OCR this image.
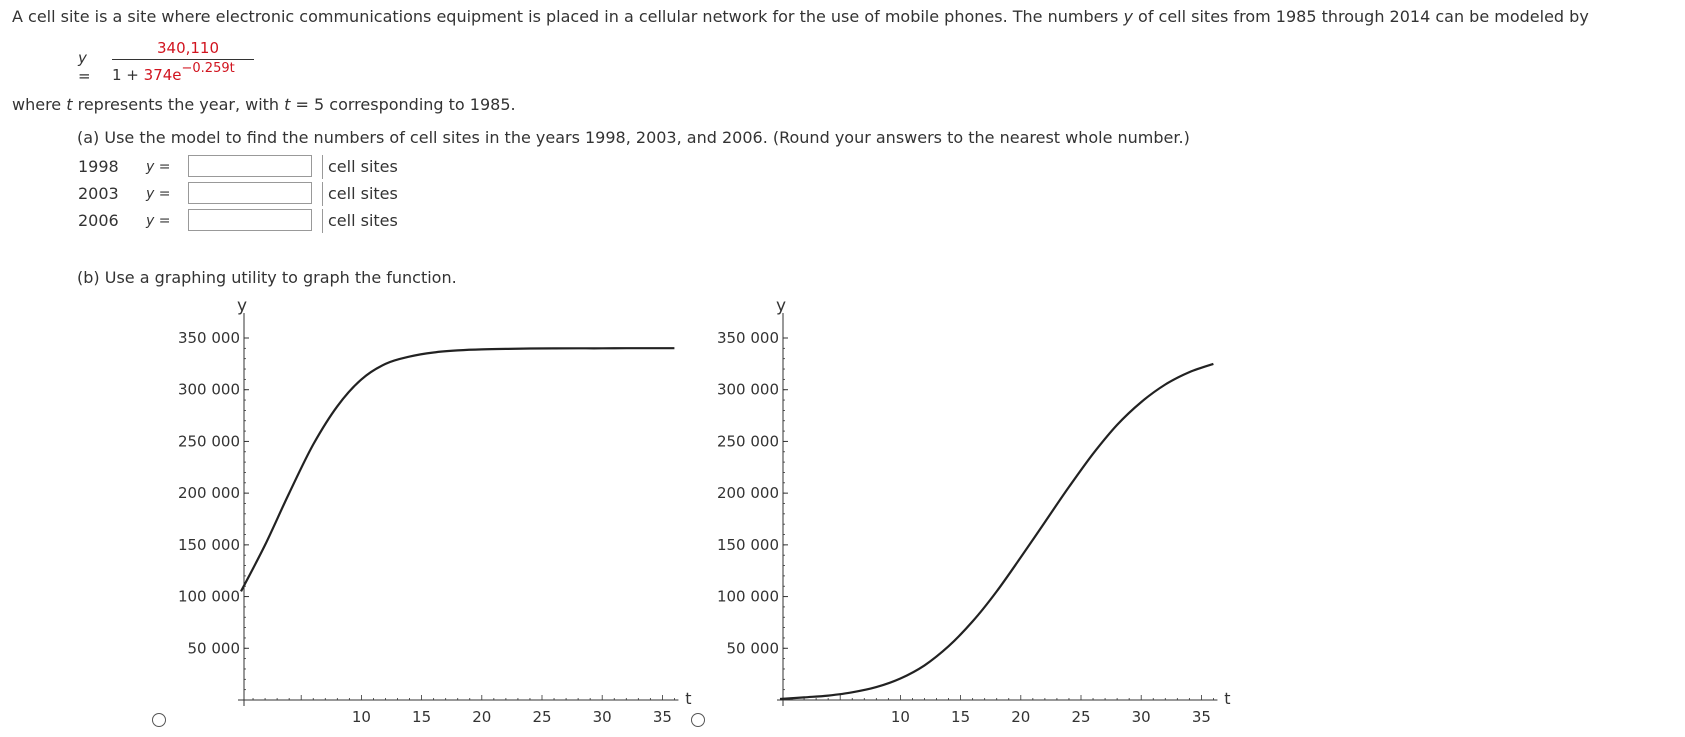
A cell site is a site where electronic communications equipment is placed in a cellular network for the use of mobile phones. The numbers y of cell sites from 1985 through 2014 can be modeled by
y =
340,110
$1 + 374e^{-0.259t}$
where t represents the year, with t = 5 corresponding to 1985.
(a) Use the model to find the numbers of cell sites in the years 1998, 2003, and 2006. (Round your answers to the nearest whole number.)
1998	y =	cell sites
2003	y =	cell sites
2006	y =	cell sites
(b) Use a graphing utility to graph the function.
350 000
300 000
250 000
200 000
150 000
100 000
50 000
10	15	20	25	30	35
y
t
350 000
300 000
250 000
200 000
150 000
100 000
50 000
10	15	20	25	30	35
y
t
